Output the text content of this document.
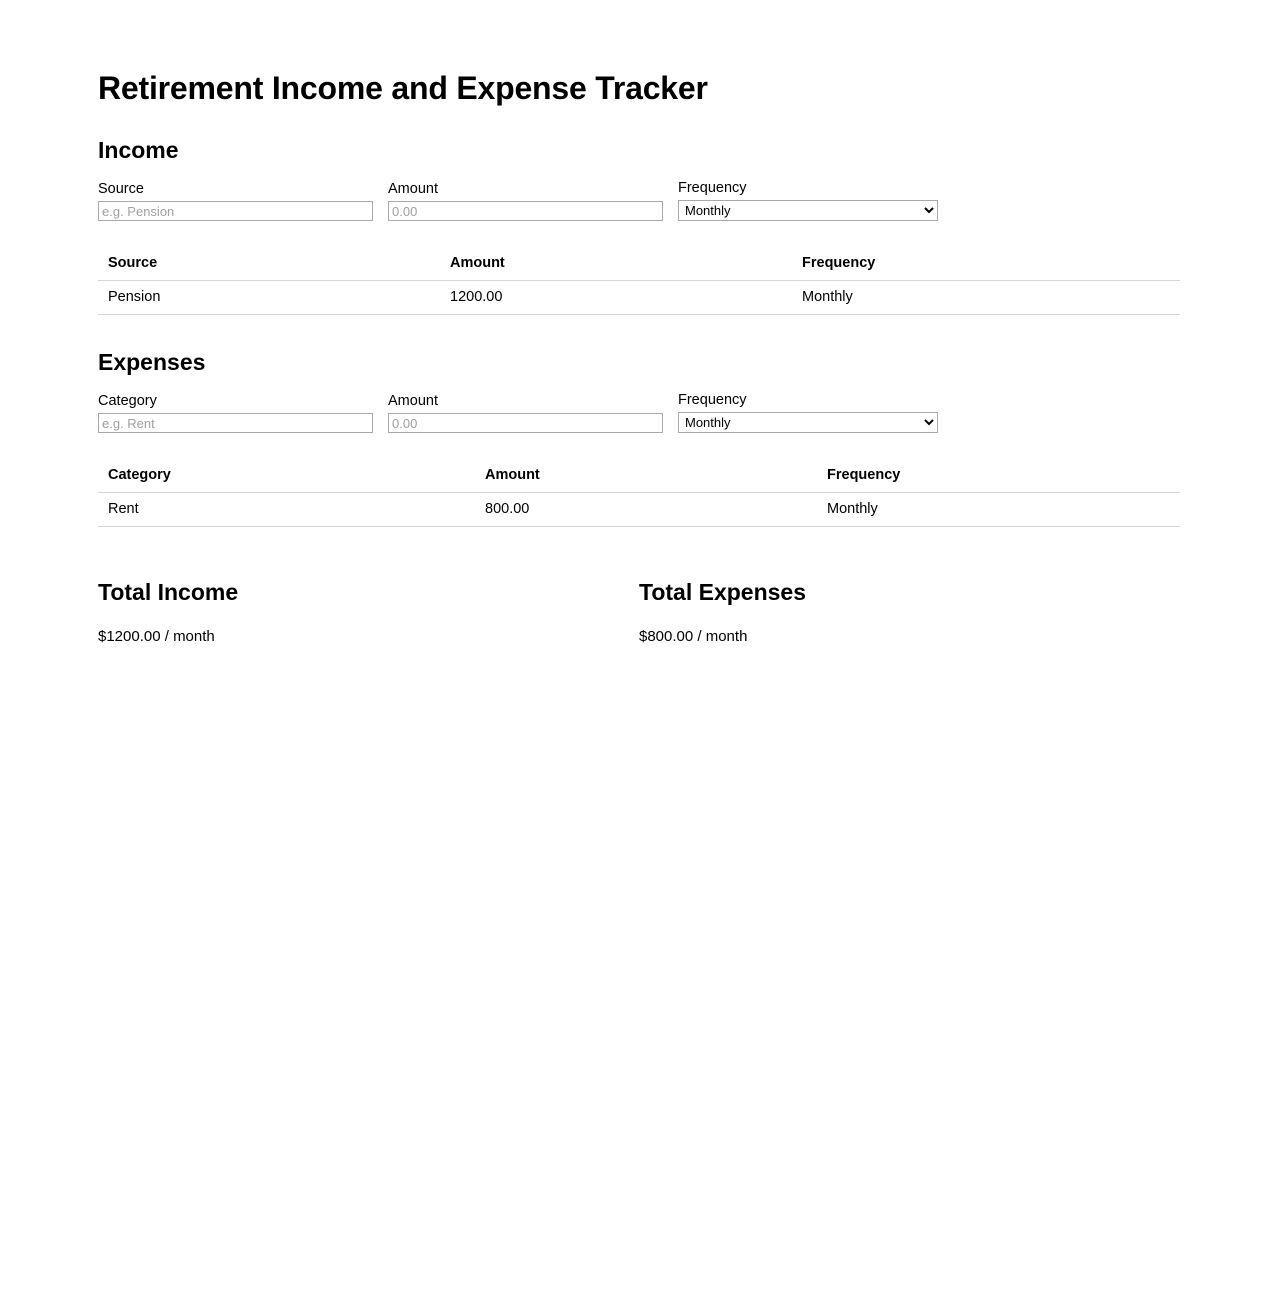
Retirement Income and Expense Tracker
Income
Source
e.g. Pension	Amount
0.00	Frequency
Monthly
Source	Amount	Frequency
Pension	1200.00	Monthly
Expenses
Category
e.g. Rent	Amount
0.00	Frequency
Monthly
Category	Amount	Frequency
Rent	800.00	Monthly
Total Income

$1200.00 / month

Total Expenses

$800.00 / month
